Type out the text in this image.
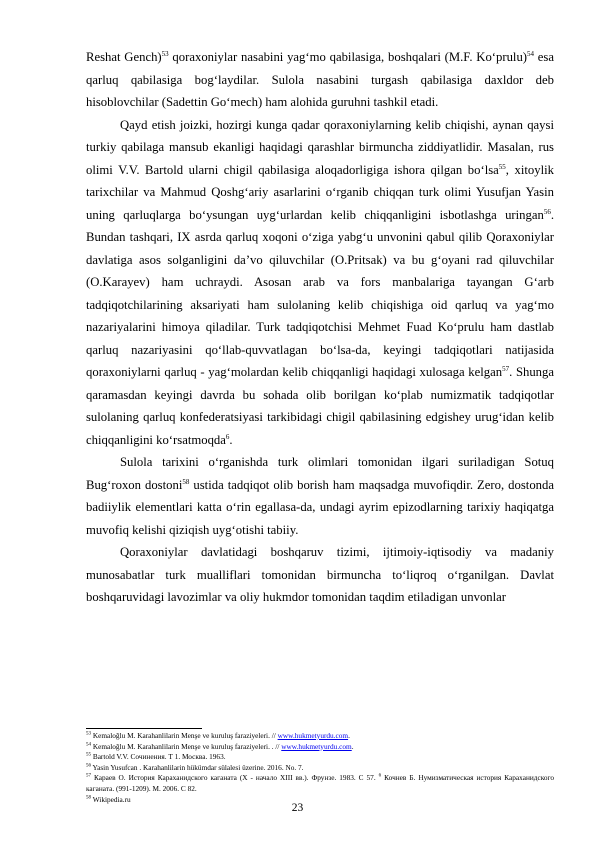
Reshat Gench)$^{53}$ qoraxoniylar nasabini yag‘mo qabilasiga, boshqalari (M.F. Ko‘prulu)$^{54}$ esa qarluq qabilasiga bog‘laydilar. Sulola nasabini turgash qabilasiga daxldor deb hisoblovchilar (Sadettin Go‘mech) ham alohida guruhni tashkil etadi.

Qayd etish joizki, hozirgi kunga qadar qoraxoniylarning kelib chiqishi, aynan qaysi turkiy qabilaga mansub ekanligi haqidagi qarashlar birmuncha ziddiyatlidir. Masalan, rus olimi V.V. Bartold ularni chigil qabilasiga aloqadorligiga ishora qilgan bo‘lsa$^{55}$, xitoylik tarixchilar va Mahmud Qoshg‘ariy asarlarini o‘rganib chiqqan turk olimi Yusufjan Yasin uning qarluqlarga bo‘ysungan uyg‘urlardan kelib chiqqanligini isbotlashga uringan$^{56}$. Bundan tashqari, IX asrda qarluq xoqoni o‘ziga yabg‘u unvonini qabul qilib Qoraxoniylar davlatiga asos solganligini da’vo qiluvchilar (O.Pritsak) va bu g‘oyani rad qiluvchilar (O.Karayev) ham uchraydi. Asosan arab va fors manbalariga tayangan G‘arb tadqiqotchilarining aksariyati ham sulolaning kelib chiqishiga oid qarluq va yag‘mo nazariyalarini himoya qiladilar. Turk tadqiqotchisi Mehmet Fuad Ko‘prulu ham dastlab qarluq nazariyasini qo‘llab-quvvatlagan bo‘lsa-da, keyingi tadqiqotlari natijasida qoraxoniylarni qarluq - yag‘molardan kelib chiqqanligi haqidagi xulosaga kelgan$^{57}$. Shunga qaramasdan keyingi davrda bu sohada olib borilgan ko‘plab numizmatik tadqiqotlar sulolaning qarluq konfederatsiyasi tarkibidagi chigil qabilasining edgishey urug‘idan kelib chiqqanligini ko‘rsatmoqda$^6$.

Sulola tarixini o‘rganishda turk olimlari tomonidan ilgari suriladigan Sotuq Bug‘roxon dostoni$^{58}$ ustida tadqiqot olib borish ham maqsadga muvofiqdir. Zero, dostonda badiiylik elementlari katta o‘rin egallasa-da, undagi ayrim epizodlarning tarixiy haqiqatga muvofiq kelishi qiziqish uyg‘otishi tabiiy.

Qoraxoniylar davlatidagi boshqaruv tizimi, ijtimoiy-iqtisodiy va madaniy munosabatlar turk mualliflari tomonidan birmuncha to‘liqroq o‘rganilgan. Davlat boshqaruvidagi lavozimlar va oliy hukmdor tomonidan taqdim etiladigan unvonlar

$^{53}$ Kemaloğlu M. Karahanlilarin Menşe ve kuruluş faraziyeleri. // www.hukmetyurdu.com.

$^{54}$ Kemaloğlu M. Karahanlilarin Menşe ve kuruluş faraziyeleri. . // www.hukmetyurdu.com.

$^{55}$ Bartold V.V. Сочинения. Т 1. Москва. 1963.

$^{56}$ Yasin Yusufcan . Karahanlilarin hükümdar sülalesi üzerine. 2016. No. 7.

$^{57}$ Караев О. История Караханидского каганата (X - начало XIII вв.). Фрунзе. 1983. С 57. $^6$ Кочнев Б. Нумизматическая история Караханидского каганата. (991-1209). М. 2006. С 82.

$^{58}$ Wikipedia.ru

23
